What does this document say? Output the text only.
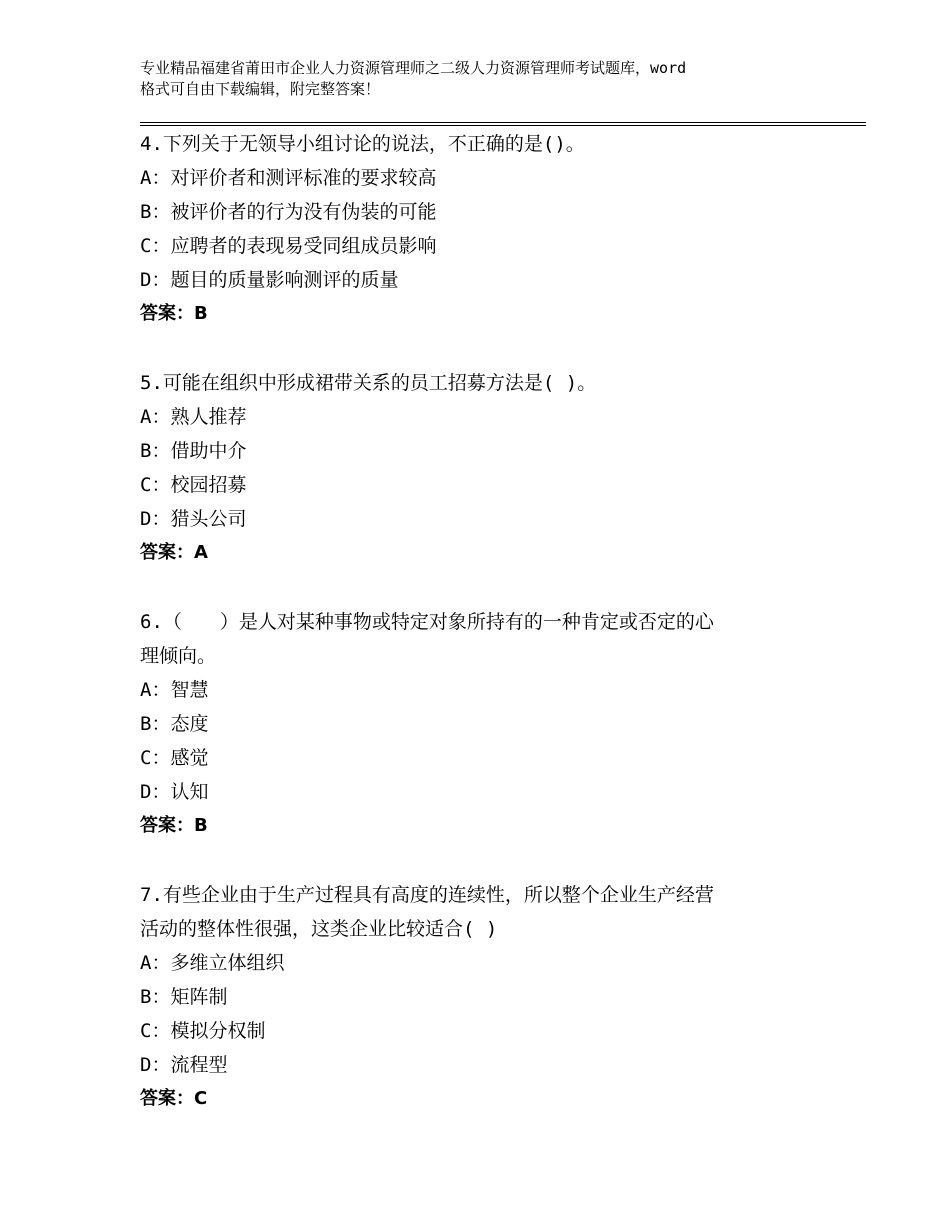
专业精品福建省莆田市企业人力资源管理师之二级人力资源管理师考试题库，word
格式可自由下载编辑，附完整答案！
4.下列关于无领导小组讨论的说法，不正确的是()。
A：对评价者和测评标准的要求较高
B：被评价者的行为没有伪装的可能
C：应聘者的表现易受同组成员影响
D：题目的质量影响测评的质量
答案：B
5.可能在组织中形成裙带关系的员工招募方法是( )。
A：熟人推荐
B：借助中介
C：校园招募
D：猎头公司
答案：A
6.（　　）是人对某种事物或特定对象所持有的一种肯定或否定的心
理倾向。
A：智慧
B：态度
C：感觉
D：认知
答案：B
7.有些企业由于生产过程具有高度的连续性，所以整个企业生产经营
活动的整体性很强，这类企业比较适合( )
A：多维立体组织
B：矩阵制
C：模拟分权制
D：流程型
答案：C
